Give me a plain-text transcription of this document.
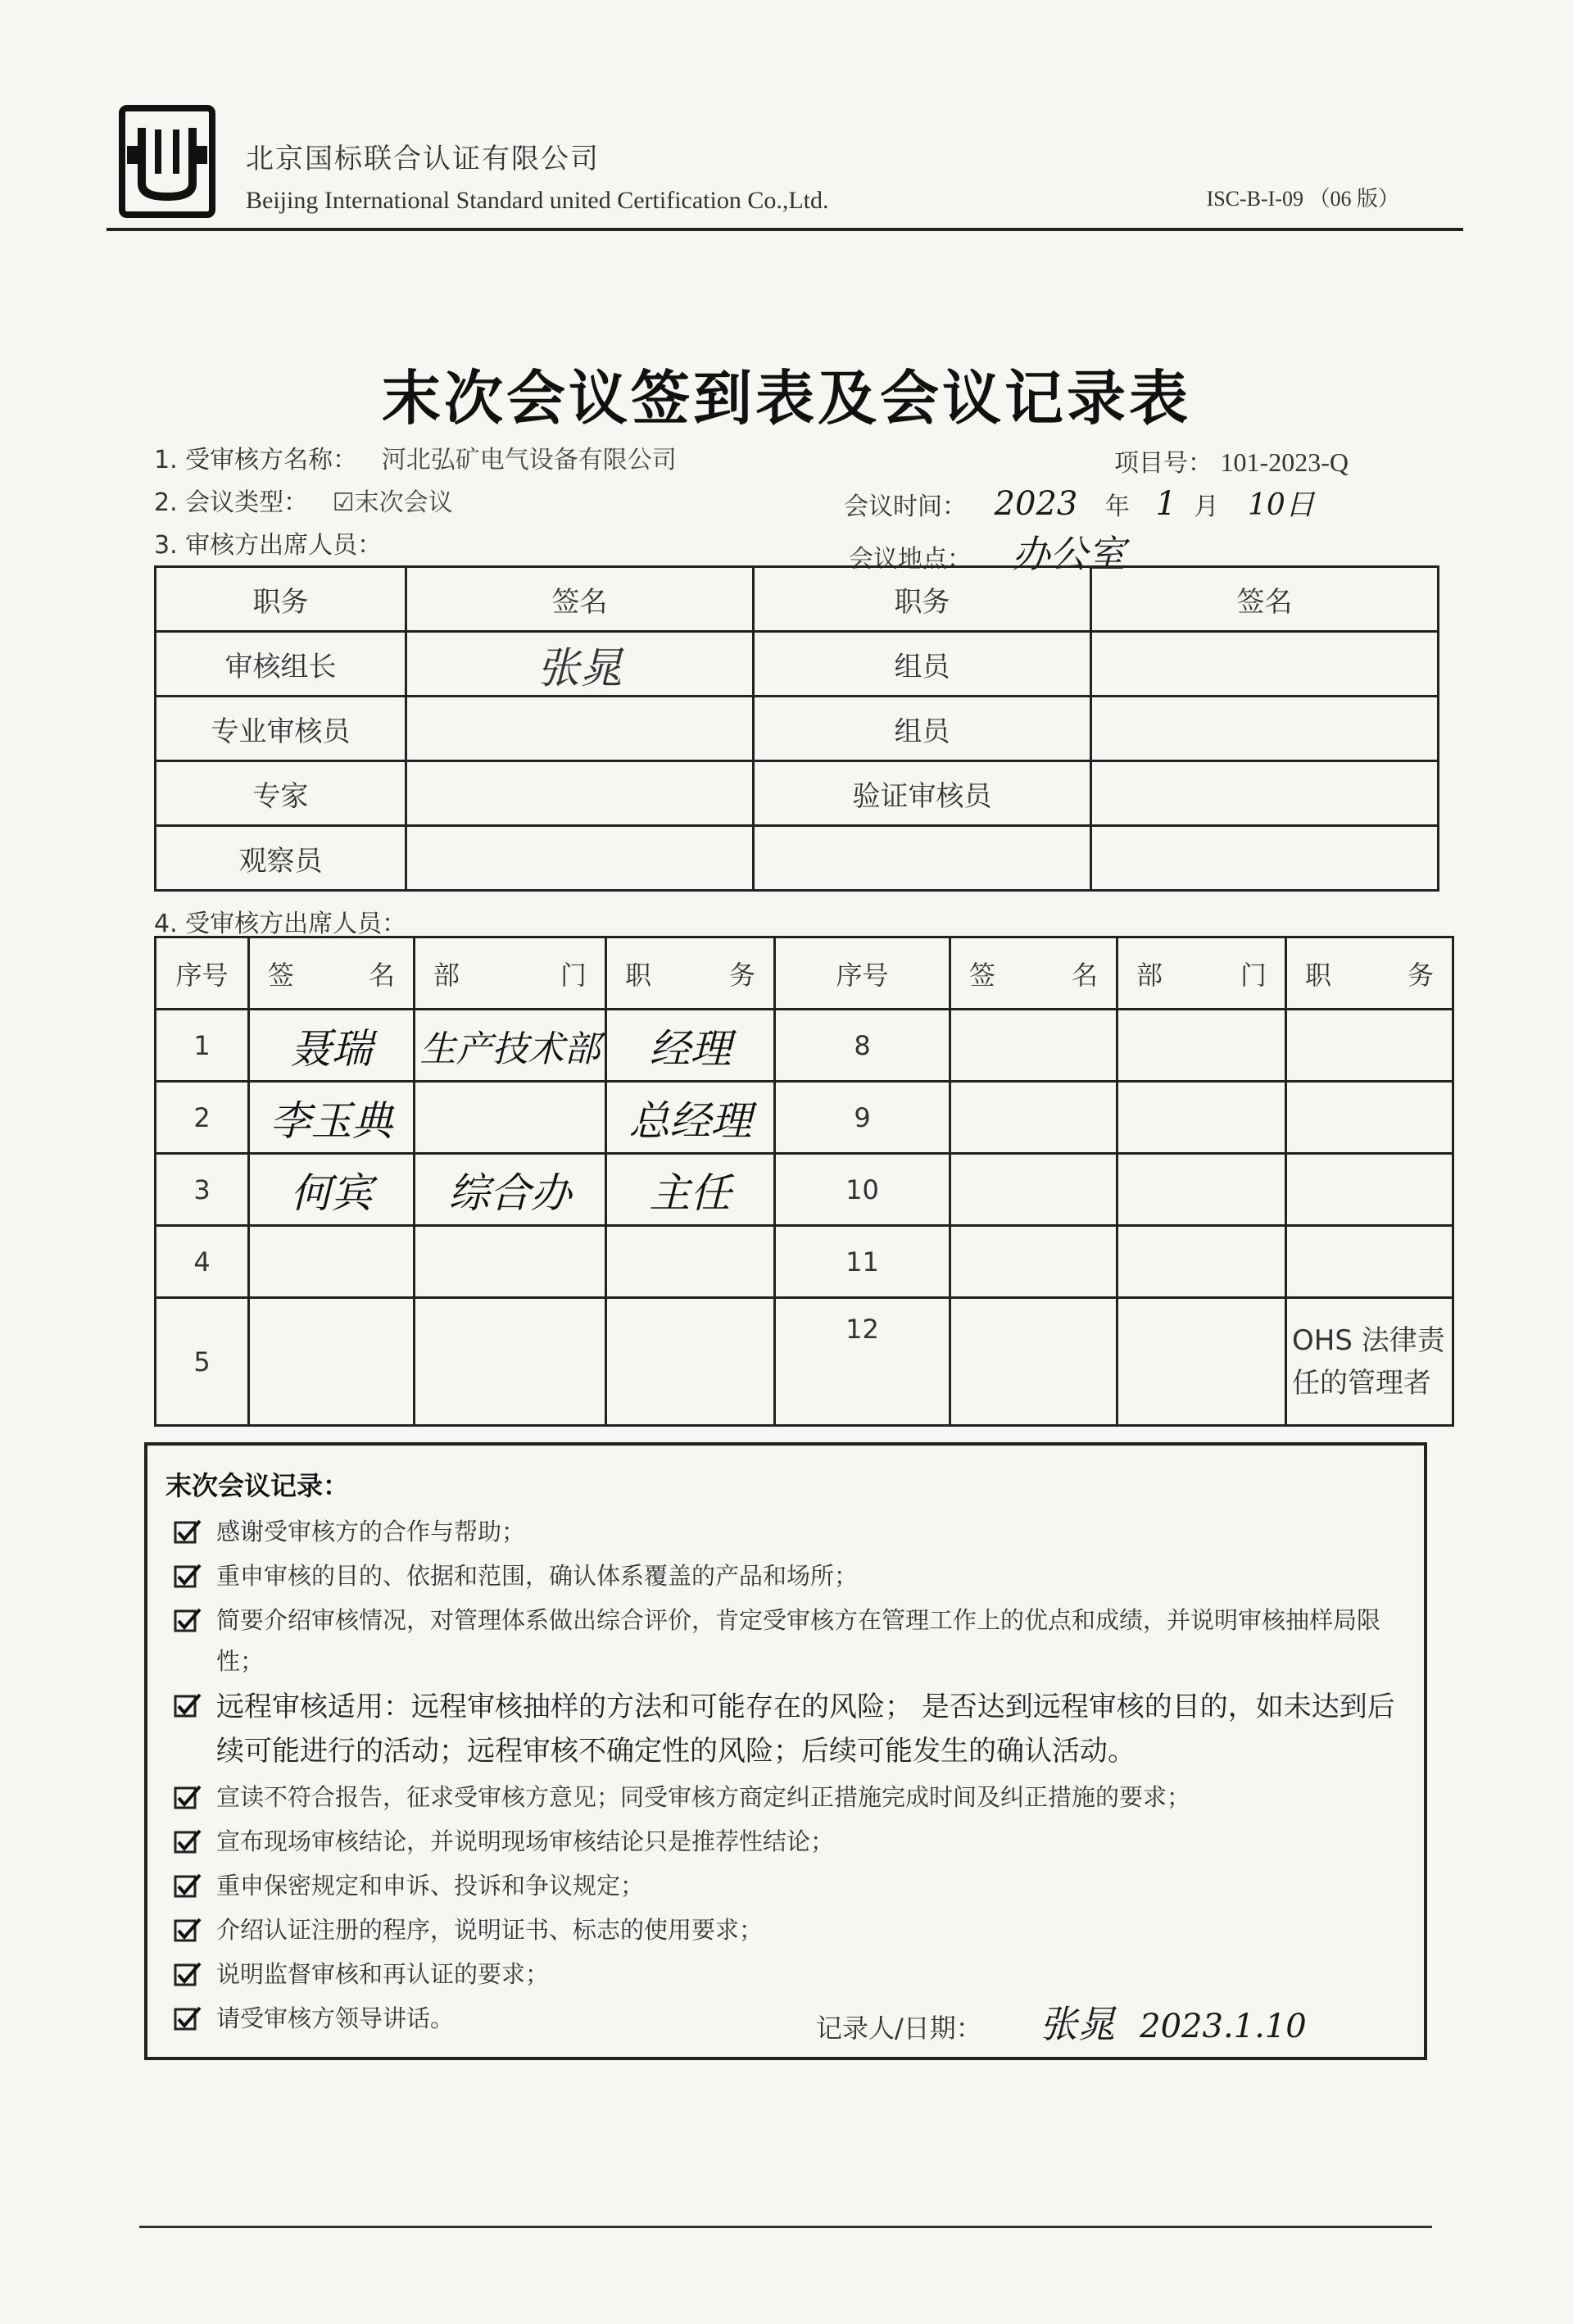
北京国标联合认证有限公司
Beijing International Standard united Certification Co.,Ltd.	ISC-B-I-09 （06 版）
末次会议签到表及会议记录表
1. 受审核方名称： 河北弘矿电气设备有限公司	项目号： 101-2023-Q
2. 会议类型： ☑末次会议	会议时间： 2023 年 1 月 10日
3. 审核方出席人员：	会议地点： 办公室
职务	签名	职务	签名
审核组长	张晁	组员	
专业审核员		组员	
专家		验证审核员	
观察员			
4. 受审核方出席人员：
序号	签 名	部 门	职 务	序号	签 名	部 门	职 务

1	聂瑞	生产技术部	经理	8			
2	李玉典		总经理	9			
3	何宾	综合办	主任	10			
4				11			
5				12			OHS 法律责任的管理者
末次会议记录：
感谢受审核方的合作与帮助；
重申审核的目的、依据和范围，确认体系覆盖的产品和场所；
简要介绍审核情况，对管理体系做出综合评价，肯定受审核方在管理工作上的优点和成绩，并说明审核抽样局限性；
远程审核适用：远程审核抽样的方法和可能存在的风险； 是否达到远程审核的目的，如未达到后续可能进行的活动；远程审核不确定性的风险；后续可能发生的确认活动。
宣读不符合报告，征求受审核方意见；同受审核方商定纠正措施完成时间及纠正措施的要求；
宣布现场审核结论，并说明现场审核结论只是推荐性结论；
重申保密规定和申诉、投诉和争议规定；
介绍认证注册的程序，说明证书、标志的使用要求；
说明监督审核和再认证的要求；
请受审核方领导讲话。	记录人/日期： 张晁 2023.1.10
